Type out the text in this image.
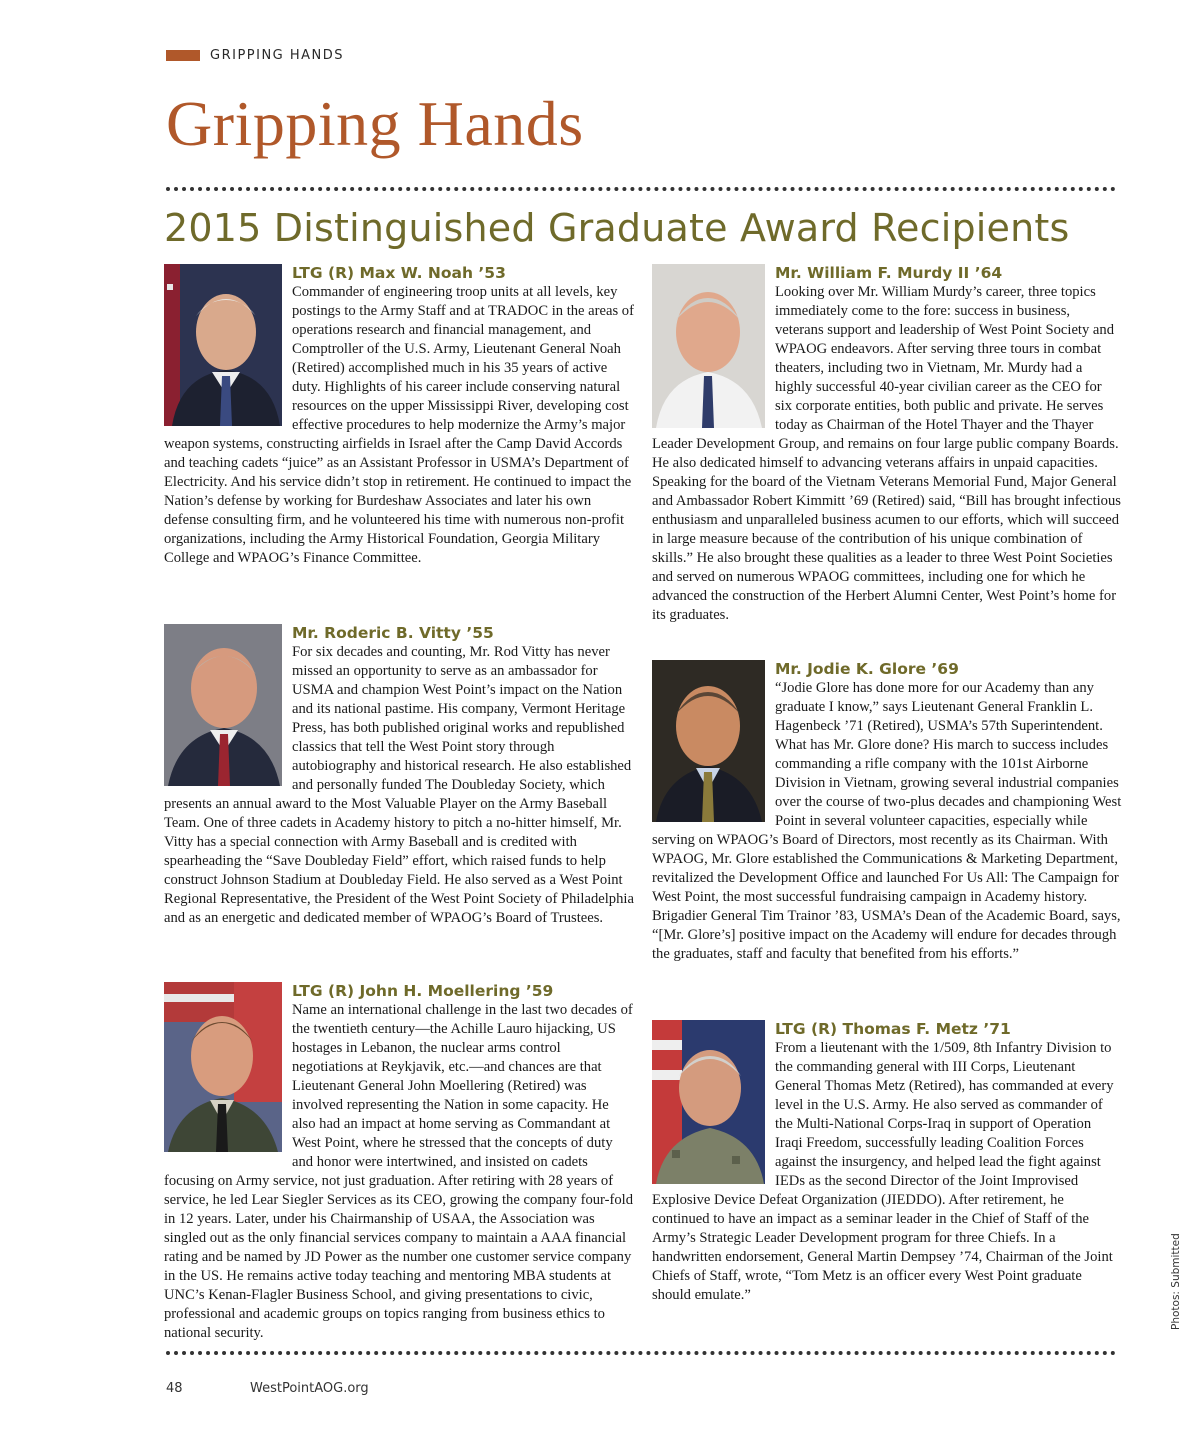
GRIPPING HANDS
Gripping Hands
2015 Distinguished Graduate Award Recipients
LTG (R) Max W. Noah ’53
Commander of engineering troop units at all levels, key postings to the Army Staff and at TRADOC in the areas of operations research and financial management, and Comptroller of the U.S. Army, Lieutenant General Noah (Retired) accomplished much in his 35 years of active duty. Highlights of his career include conserving natural resources on the upper Mississippi River, developing cost effective procedures to help modernize the Army’s major weapon systems, constructing airfields in Israel after the Camp David Accords and teaching cadets “juice” as an Assistant Professor in USMA’s Department of Electricity. And his service didn’t stop in retirement. He continued to impact the Nation’s defense by working for Burdeshaw Associates and later his own defense consulting firm, and he volunteered his time with numerous non-profit organizations, including the Army Historical Foundation, Georgia Military College and WPAOG’s Finance Committee.
Mr. Roderic B. Vitty ’55
For six decades and counting, Mr. Rod Vitty has never missed an opportunity to serve as an ambassador for USMA and champion West Point’s impact on the Nation and its national pastime. His company, Vermont Heritage Press, has both published original works and republished classics that tell the West Point story through autobiography and historical research. He also established and personally funded The Doubleday Society, which presents an annual award to the Most Valuable Player on the Army Baseball Team. One of three cadets in Academy history to pitch a no-hitter himself, Mr. Vitty has a special connection with Army Baseball and is credited with spearheading the “Save Doubleday Field” effort, which raised funds to help construct Johnson Stadium at Doubleday Field. He also served as a West Point Regional Representative, the President of the West Point Society of Philadelphia and as an energetic and dedicated member of WPAOG’s Board of Trustees.
LTG (R) John H. Moellering ’59
Name an international challenge in the last two decades of the twentieth century—the Achille Lauro hijacking, US hostages in Lebanon, the nuclear arms control negotiations at Reykjavik, etc.—and chances are that Lieutenant General John Moellering (Retired) was involved representing the Nation in some capacity. He also had an impact at home serving as Commandant at West Point, where he stressed that the concepts of duty and honor were intertwined, and insisted on cadets focusing on Army service, not just graduation. After retiring with 28 years of service, he led Lear Siegler Services as its CEO, growing the company four-fold in 12 years. Later, under his Chairmanship of USAA, the Association was singled out as the only financial services company to maintain a AAA financial rating and be named by JD Power as the number one customer service company in the US. He remains active today teaching and mentoring MBA students at UNC’s Kenan-Flagler Business School, and giving presentations to civic, professional and academic groups on topics ranging from business ethics to national security.
Mr. William F. Murdy II ’64
Looking over Mr. William Murdy’s career, three topics immediately come to the fore: success in business, veterans support and leadership of West Point Society and WPAOG endeavors. After serving three tours in combat theaters, including two in Vietnam, Mr. Murdy had a highly successful 40-year civilian career as the CEO for six corporate entities, both public and private. He serves today as Chairman of the Hotel Thayer and the Thayer Leader Development Group, and remains on four large public company Boards. He also dedicated himself to advancing veterans affairs in unpaid capacities. Speaking for the board of the Vietnam Veterans Memorial Fund, Major General and Ambassador Robert Kimmitt ’69 (Retired) said, “Bill has brought infectious enthusiasm and unparalleled business acumen to our efforts, which will succeed in large measure because of the contribution of his unique combination of skills.” He also brought these qualities as a leader to three West Point Societies and served on numerous WPAOG committees, including one for which he advanced the construction of the Herbert Alumni Center, West Point’s home for its graduates.
Mr. Jodie K. Glore ’69
“Jodie Glore has done more for our Academy than any graduate I know,” says Lieutenant General Franklin L. Hagenbeck ’71 (Retired), USMA’s 57th Superintendent. What has Mr. Glore done? His march to success includes commanding a rifle company with the 101st Airborne Division in Vietnam, growing several industrial companies over the course of two-plus decades and championing West Point in several volunteer capacities, especially while serving on WPAOG’s Board of Directors, most recently as its Chairman. With WPAOG, Mr. Glore established the Communications & Marketing Department, revitalized the Development Office and launched For Us All: The Campaign for West Point, the most successful fundraising campaign in Academy history. Brigadier General Tim Trainor ’83, USMA’s Dean of the Academic Board, says, “[Mr. Glore’s] positive impact on the Academy will endure for decades through the graduates, staff and faculty that benefited from his efforts.”
LTG (R) Thomas F. Metz ’71
From a lieutenant with the 1/509, 8th Infantry Division to the commanding general with III Corps, Lieutenant General Thomas Metz (Retired), has commanded at every level in the U.S. Army. He also served as commander of the Multi-National Corps-Iraq in support of Operation Iraqi Freedom, successfully leading Coalition Forces against the insurgency, and helped lead the fight against IEDs as the second Director of the Joint Improvised Explosive Device Defeat Organization (JIEDDO). After retirement, he continued to have an impact as a seminar leader in the Chief of Staff of the Army’s Strategic Leader Development program for three Chiefs. In a handwritten endorsement, General Martin Dempsey ’74, Chairman of the Joint Chiefs of Staff, wrote, “Tom Metz is an officer every West Point graduate should emulate.”
48	WestPointAOG.org
Photos: Submitted
